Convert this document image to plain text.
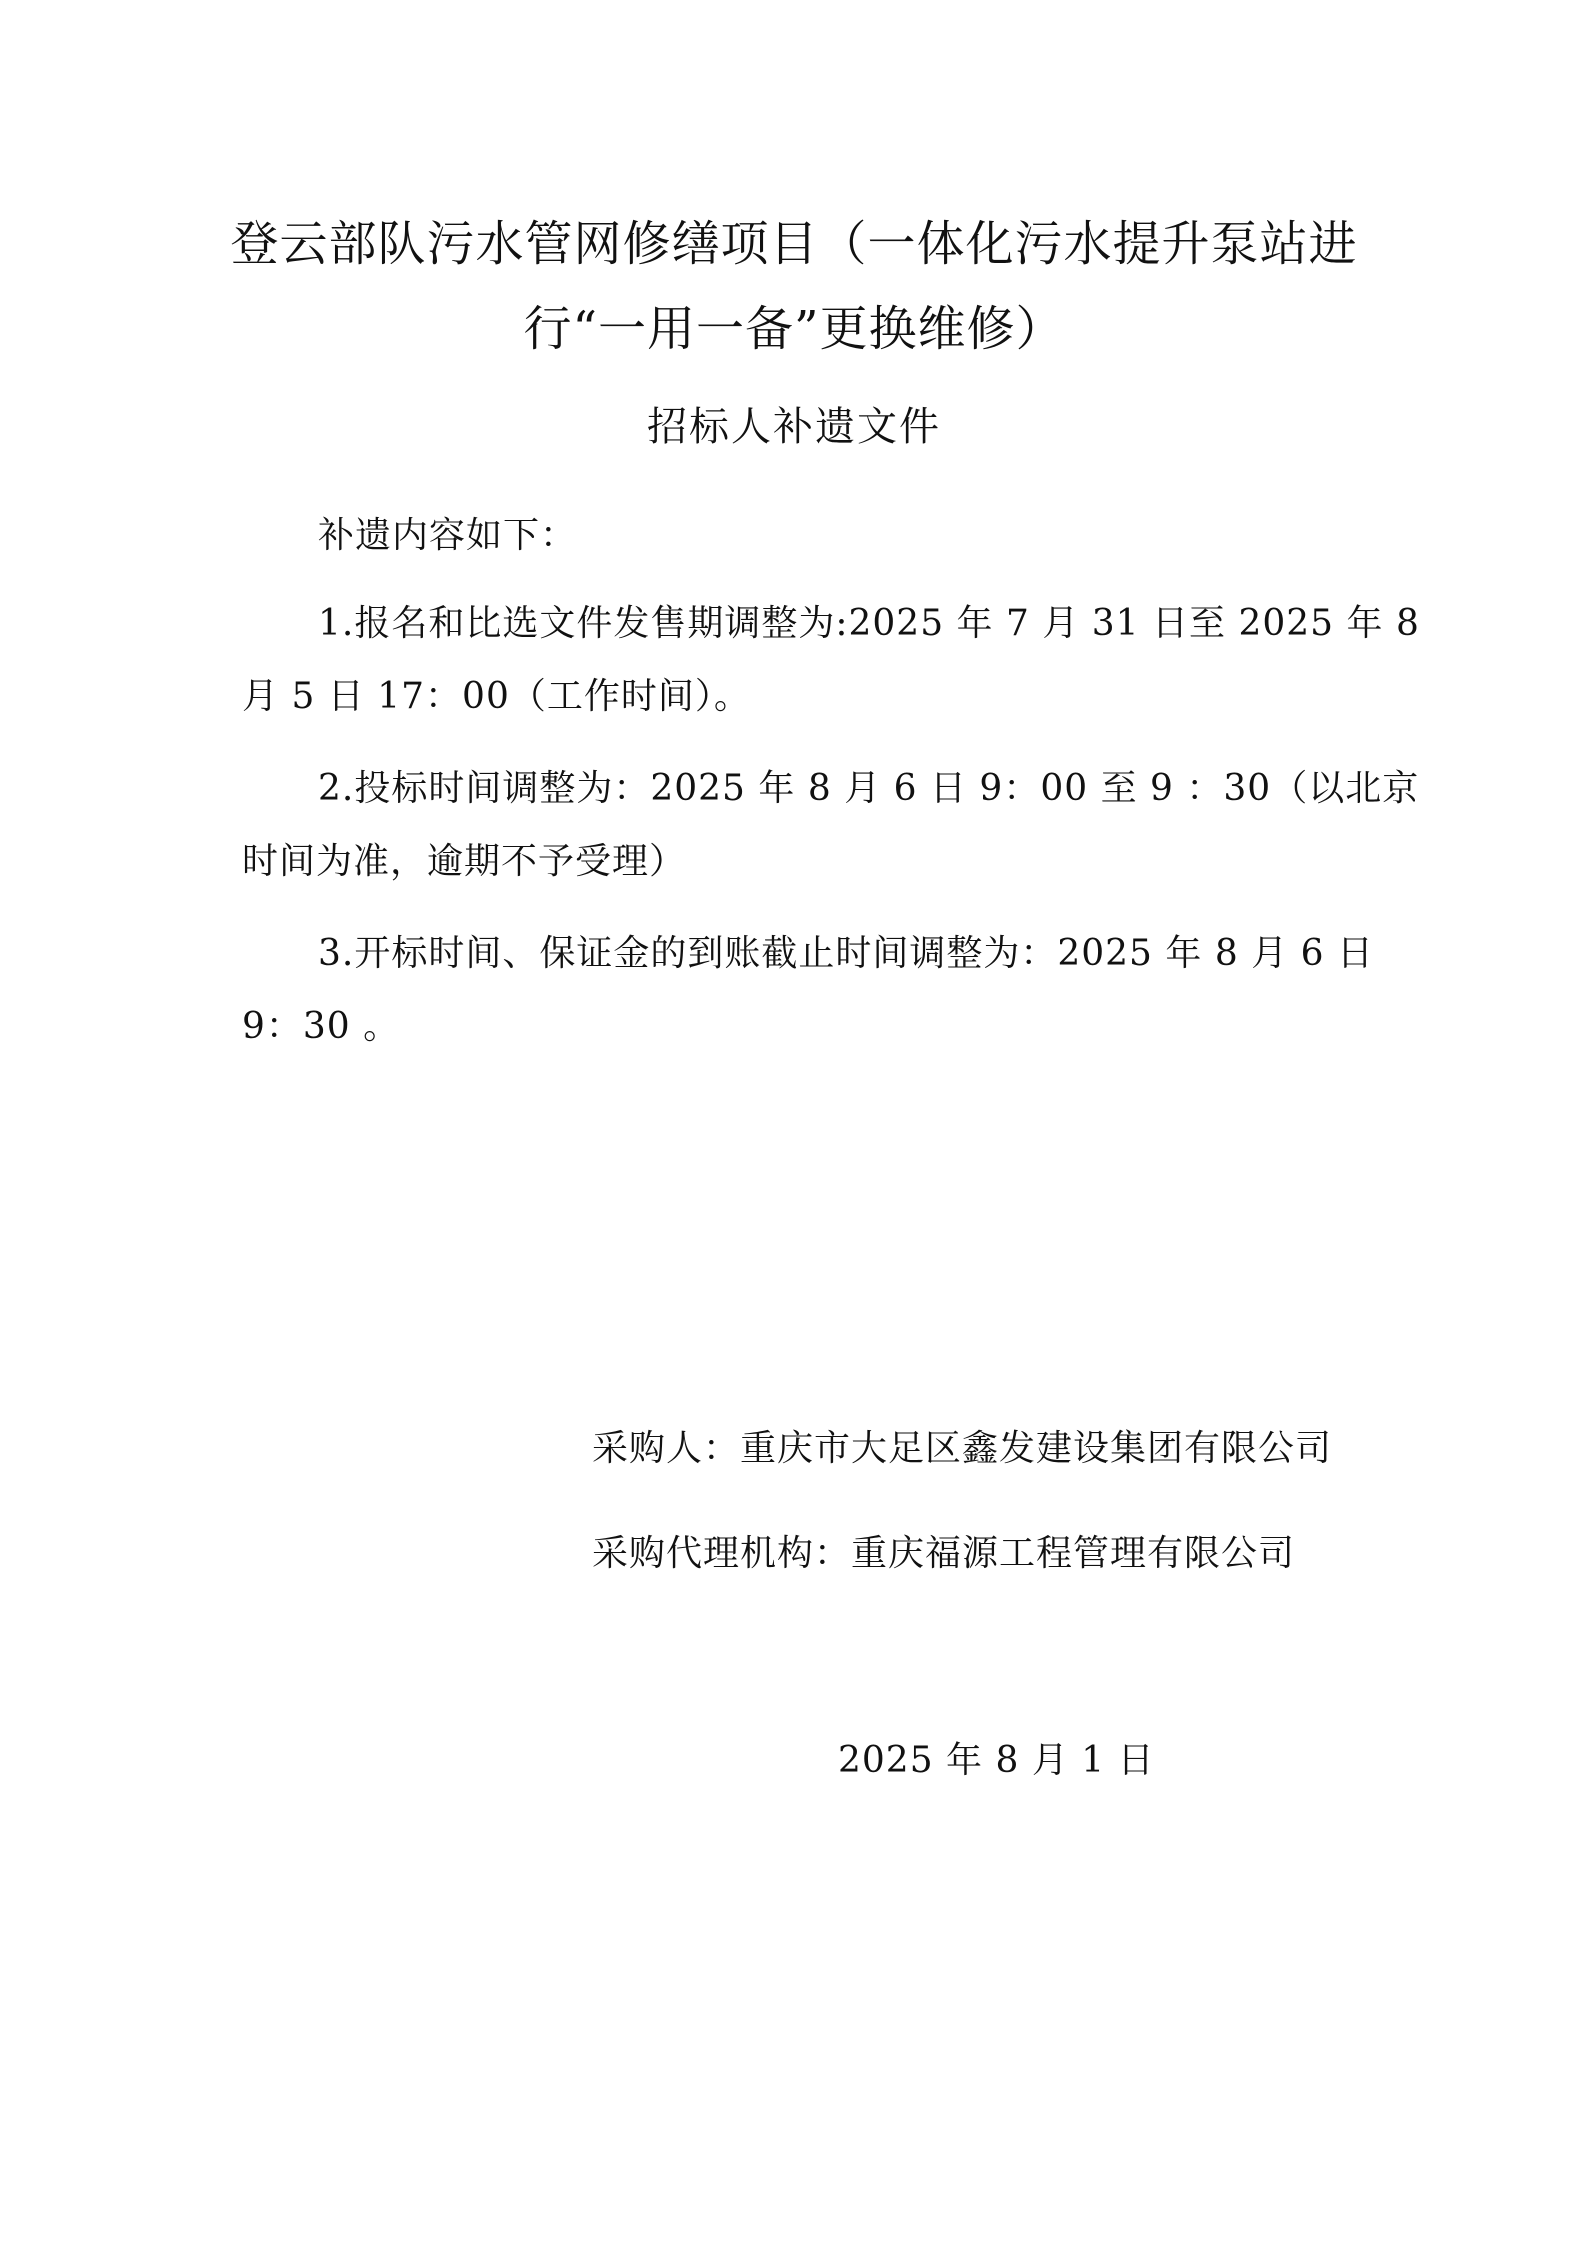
登云部队污水管网修缮项目（一体化污水提升泵站进
行“一用一备”更换维修）
招标人补遗文件
补遗内容如下：
1.报名和比选文件发售期调整为:2025 年 7 月 31 日至 2025 年 8
月 5 日 17：00（工作时间）。
2.投标时间调整为：2025 年 8 月 6 日 9：00 至 9 ：30（以北京
时间为准，逾期不予受理）
3.开标时间、保证金的到账截止时间调整为：2025 年 8 月 6 日
9：30 。
采购人：重庆市大足区鑫发建设集团有限公司
采购代理机构：重庆福源工程管理有限公司
2025 年 8 月 1 日
